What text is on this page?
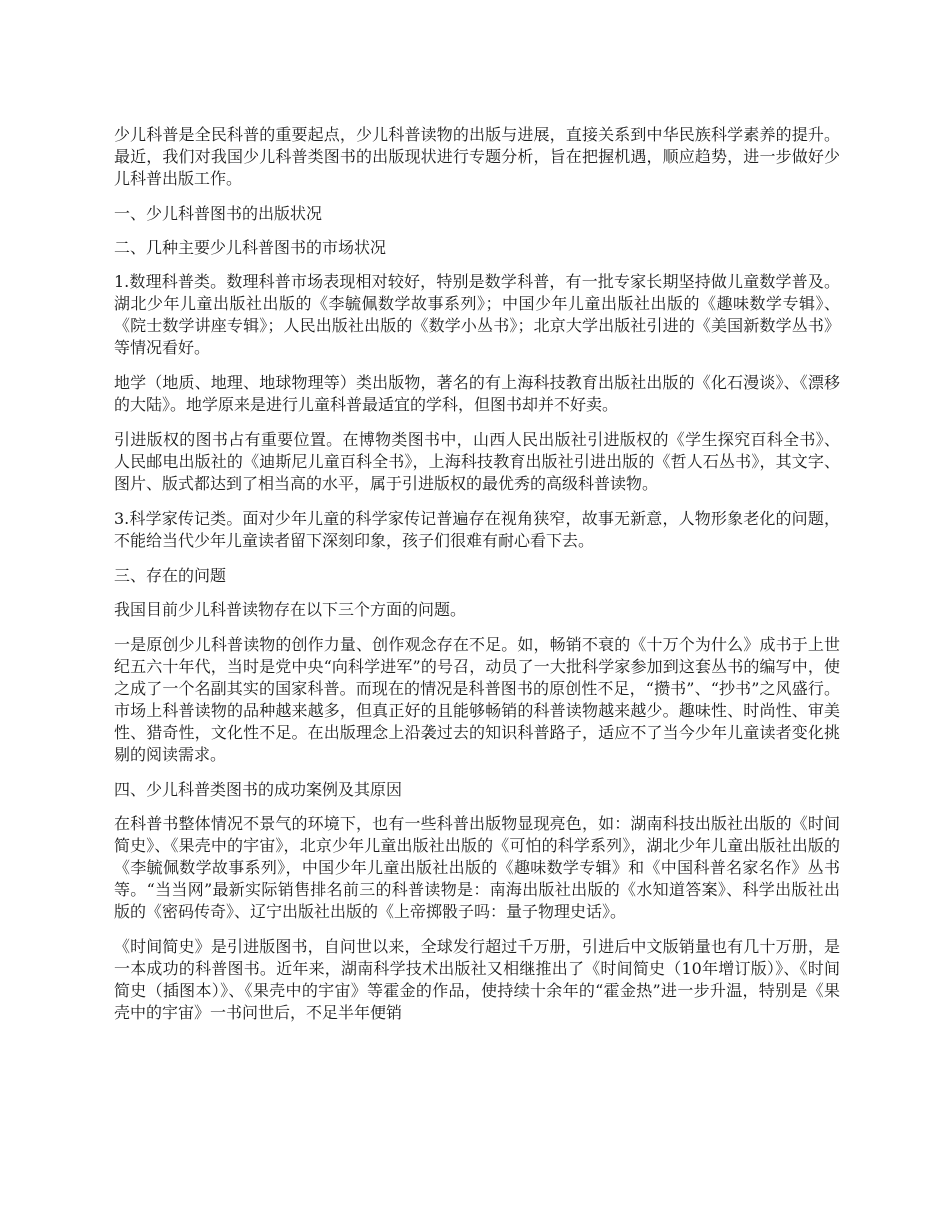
少儿科普是全民科普的重要起点，少儿科普读物的出版与进展，直接关系到中华民族科学素养的提升。最近，我们对我国少儿科普类图书的出版现状进行专题分析，旨在把握机遇，顺应趋势，进一步做好少儿科普出版工作。

一、少儿科普图书的出版状况

二、几种主要少儿科普图书的市场状况

1.数理科普类。数理科普市场表现相对较好，特别是数学科普，有一批专家长期坚持做儿童数学普及。湖北少年儿童出版社出版的《李毓佩数学故事系列》；中国少年儿童出版社出版的《趣味数学专辑》、《院士数学讲座专辑》；人民出版社出版的《数学小丛书》；北京大学出版社引进的《美国新数学丛书》等情况看好。

地学（地质、地理、地球物理等）类出版物，著名的有上海科技教育出版社出版的《化石漫谈》、《漂移的大陆》。地学原来是进行儿童科普最适宜的学科，但图书却并不好卖。

引进版权的图书占有重要位置。在博物类图书中，山西人民出版社引进版权的《学生探究百科全书》、人民邮电出版社的《迪斯尼儿童百科全书》，上海科技教育出版社引进出版的《哲人石丛书》，其文字、图片、版式都达到了相当高的水平，属于引进版权的最优秀的高级科普读物。

3.科学家传记类。面对少年儿童的科学家传记普遍存在视角狭窄，故事无新意，人物形象老化的问题，不能给当代少年儿童读者留下深刻印象，孩子们很难有耐心看下去。

三、存在的问题

我国目前少儿科普读物存在以下三个方面的问题。

一是原创少儿科普读物的创作力量、创作观念存在不足。如，畅销不衰的《十万个为什么》成书于上世纪五六十年代，当时是党中央“向科学进军”的号召，动员了一大批科学家参加到这套丛书的编写中，使之成了一个名副其实的国家科普。而现在的情况是科普图书的原创性不足，“攒书”、“抄书”之风盛行。市场上科普读物的品种越来越多，但真正好的且能够畅销的科普读物越来越少。趣味性、时尚性、审美性、猎奇性，文化性不足。在出版理念上沿袭过去的知识科普路子，适应不了当今少年儿童读者变化挑剔的阅读需求。

四、少儿科普类图书的成功案例及其原因

在科普书整体情况不景气的环境下，也有一些科普出版物显现亮色，如：湖南科技出版社出版的《时间简史》、《果壳中的宇宙》，北京少年儿童出版社出版的《可怕的科学系列》，湖北少年儿童出版社出版的《李毓佩数学故事系列》，中国少年儿童出版社出版的《趣味数学专辑》和《中国科普名家名作》丛书等。“当当网”最新实际销售排名前三的科普读物是：南海出版社出版的《水知道答案》、科学出版社出版的《密码传奇》、辽宁出版社出版的《上帝掷骰子吗：量子物理史话》。

《时间简史》是引进版图书，自问世以来，全球发行超过千万册，引进后中文版销量也有几十万册，是一本成功的科普图书。近年来，湖南科学技术出版社又相继推出了《时间简史（10年增订版）》、《时间简史（插图本）》、《果壳中的宇宙》等霍金的作品，使持续十余年的“霍金热”进一步升温，特别是《果壳中的宇宙》一书问世后，不足半年便销
